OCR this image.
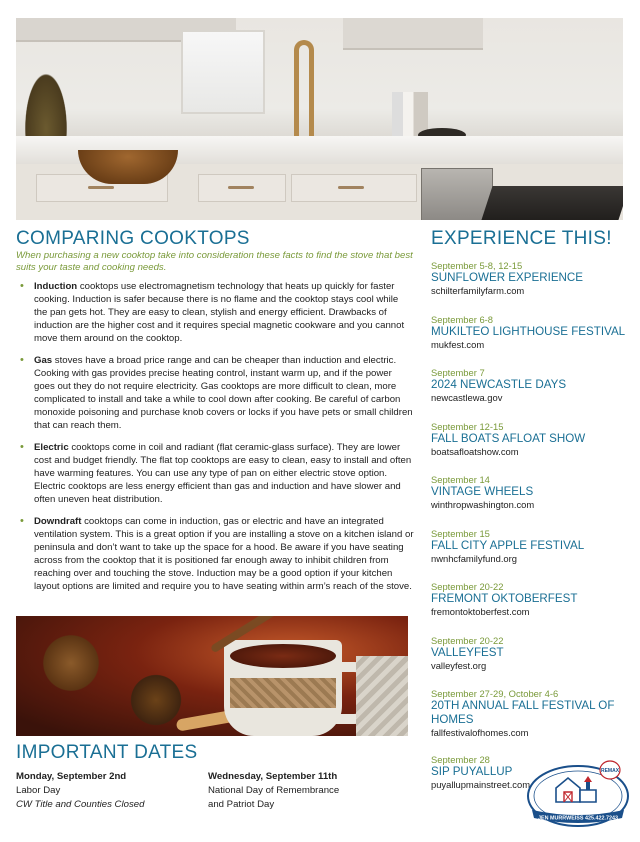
COMPARING COOKTOPS

When purchasing a new cooktop take into consideration these facts to find the stove that best suits your taste and cooking needs.

• Induction cooktops use electromagnetism technology that heats up quickly for faster cooking. Induction is safer because there is no flame and the cooktop stays cool while the pan gets hot. They are easy to clean, stylish and energy efficient. Drawbacks of induction are the higher cost and it requires special magnetic cookware and you cannot move them around on the cooktop.
• Gas stoves have a broad price range and can be cheaper than induction and electric. Cooking with gas provides precise heating control, instant warm up, and if the power goes out they do not require electricity. Gas cooktops are more difficult to clean, more complicated to install and take a while to cool down after cooking. Be careful of carbon monoxide poisoning and purchase knob covers or locks if you have pets or small children that can reach them.
• Electric cooktops come in coil and radiant (flat ceramic-glass surface). They are lower cost and budget friendly. The flat top cooktops are easy to clean, easy to install and often have warming features. You can use any type of pan on either electric stove option. Electric cooktops are less energy efficient than gas and induction and have slower and often uneven heat distribution.
• Downdraft cooktops can come in induction, gas or electric and have an integrated ventilation system. This is a great option if you are installing a stove on a kitchen island or peninsula and don’t want to take up the space for a hood. Be aware if you have seating across from the cooktop that it is positioned far enough away to inhibit children from reaching over and touching the stove. Induction may be a good option if your kitchen layout options are limited and require you to have seating within arm’s reach of the stove.
IMPORTANT DATES
Monday, September 2nd
Labor Day
CW Title and Counties Closed
Wednesday, September 11th
National Day of Remembrance
and Patriot Day
EXPERIENCE THIS!
September 5-8, 12-15
SUNFLOWER EXPERIENCE
schilterfamilyfarm.com
September 6-8
MUKILTEO LIGHTHOUSE FESTIVAL
mukfest.com
September 7
2024 NEWCASTLE DAYS
newcastlewa.gov
September 12-15
FALL BOATS AFLOAT SHOW
boatsafloatshow.com
September 14
VINTAGE WHEELS
winthropwashington.com
September 15
FALL CITY APPLE FESTIVAL
nwnhcfamilyfund.org
September 20-22
FREMONT OKTOBERFEST
fremontoktoberfest.com
September 20-22
VALLEYFEST
valleyfest.org
September 27-29, October 4-6
20TH ANNUAL FALL FESTIVAL OF HOMES
fallfestivalofhomes.com
September 28
SIP PUYALLUP
puyallupmainstreet.com
REMAX
JEN MURRWEISS 425.422.7243
